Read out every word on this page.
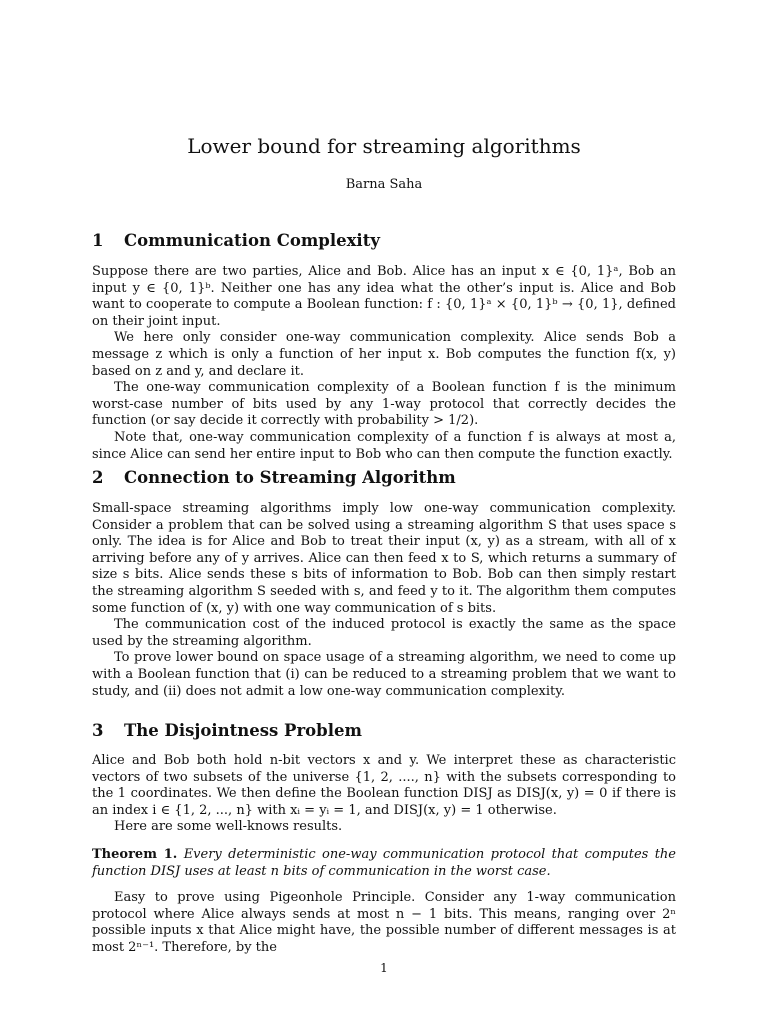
Lower bound for streaming algorithms
Barna Saha
1 Communication Complexity

Suppose there are two parties, Alice and Bob. Alice has an input x ∈ {0, 1}ᵃ, Bob an input y ∈ {0, 1}ᵇ. Neither one has any idea what the other’s input is. Alice and Bob want to cooperate to compute a Boolean function: f : {0, 1}ᵃ × {0, 1}ᵇ → {0, 1}, defined on their joint input.

We here only consider one-way communication complexity. Alice sends Bob a message z which is only a function of her input x. Bob computes the function f(x, y) based on z and y, and declare it.

The one-way communication complexity of a Boolean function f is the minimum worst-case number of bits used by any 1-way protocol that correctly decides the function (or say decide it correctly with probability > 1/2).

Note that, one-way communication complexity of a function f is always at most a, since Alice can send her entire input to Bob who can then compute the function exactly.

2 Connection to Streaming Algorithm

Small-space streaming algorithms imply low one-way communication complexity. Consider a problem that can be solved using a streaming algorithm S that uses space s only. The idea is for Alice and Bob to treat their input (x, y) as a stream, with all of x arriving before any of y arrives. Alice can then feed x to S, which returns a summary of size s bits. Alice sends these s bits of information to Bob. Bob can then simply restart the streaming algorithm S seeded with s, and feed y to it. The algorithm them computes some function of (x, y) with one way communication of s bits.

The communication cost of the induced protocol is exactly the same as the space used by the streaming algorithm.

To prove lower bound on space usage of a streaming algorithm, we need to come up with a Boolean function that (i) can be reduced to a streaming problem that we want to study, and (ii) does not admit a low one-way communication complexity.

3 The Disjointness Problem

Alice and Bob both hold n-bit vectors x and y. We interpret these as characteristic vectors of two subsets of the universe {1, 2, ...., n} with the subsets corresponding to the 1 coordinates. We then define the Boolean function DISJ as DISJ(x, y) = 0 if there is an index i ∈ {1, 2, ..., n} with xᵢ = yᵢ = 1, and DISJ(x, y) = 1 otherwise.

Here are some well-knows results.

Theorem 1. Every deterministic one-way communication protocol that computes the function DISJ uses at least n bits of communication in the worst case.

Easy to prove using Pigeonhole Principle. Consider any 1-way communication protocol where Alice always sends at most n − 1 bits. This means, ranging over 2ⁿ possible inputs x that Alice might have, the possible number of different messages is at most 2ⁿ⁻¹. Therefore, by the

1
